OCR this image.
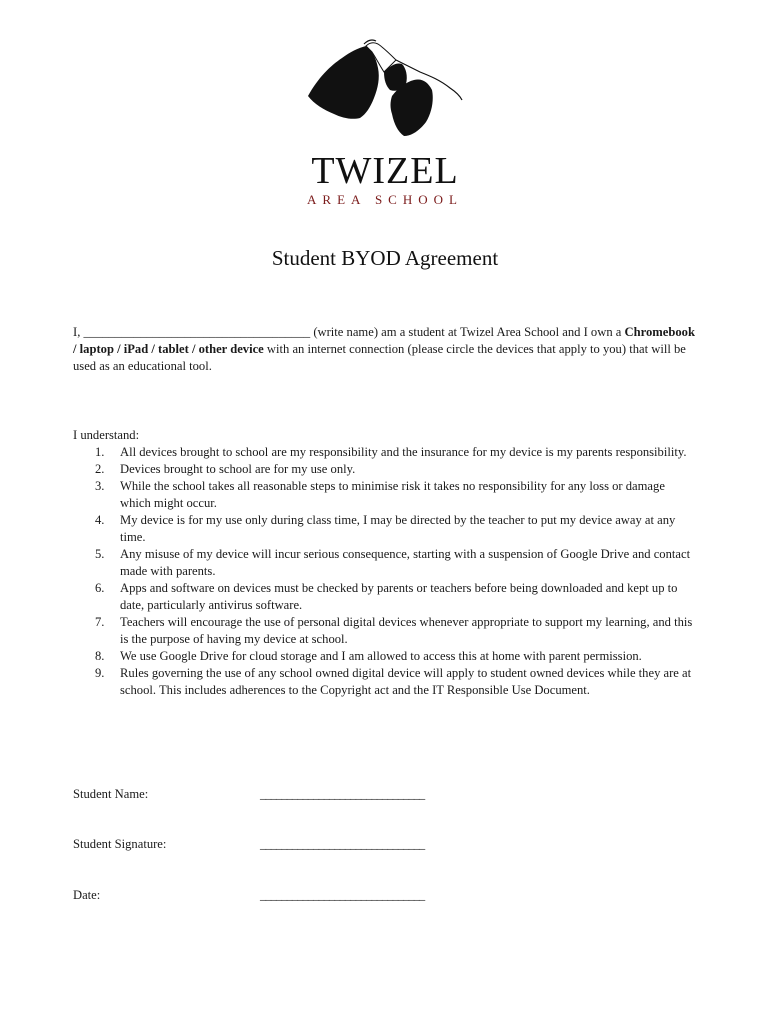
TWIZEL
AREA SCHOOL
Student BYOD Agreement
I, ____________________________________ (write name) am a student at Twizel Area School and I own a Chromebook / laptop / iPad / tablet / other device with an internet connection (please circle the devices that apply to you) that will be used as an educational tool.
I understand:
1. All devices brought to school are my responsibility and the insurance for my device is my parents responsibility.
2. Devices brought to school are for my use only.
3. While the school takes all reasonable steps to minimise risk it takes no responsibility for any loss or damage which might occur.
4. My device is for my use only during class time, I may be directed by the teacher to put my device away at any time.
5. Any misuse of my device will incur serious consequence, starting with a suspension of Google Drive and contact made with parents.
6. Apps and software on devices must be checked by parents or teachers before being downloaded and kept up to date, particularly antivirus software.
7. Teachers will encourage the use of personal digital devices whenever appropriate to support my learning, and this is the purpose of having my device at school.
8. We use Google Drive for cloud storage and I am allowed to access this at home with parent permission.
9. Rules governing the use of any school owned digital device will apply to student owned devices while they are at school. This includes adherences to the Copyright act and the IT Responsible Use Document.
Student Name:	_______________________________
Student Signature:	_______________________________
Date:	_______________________________
